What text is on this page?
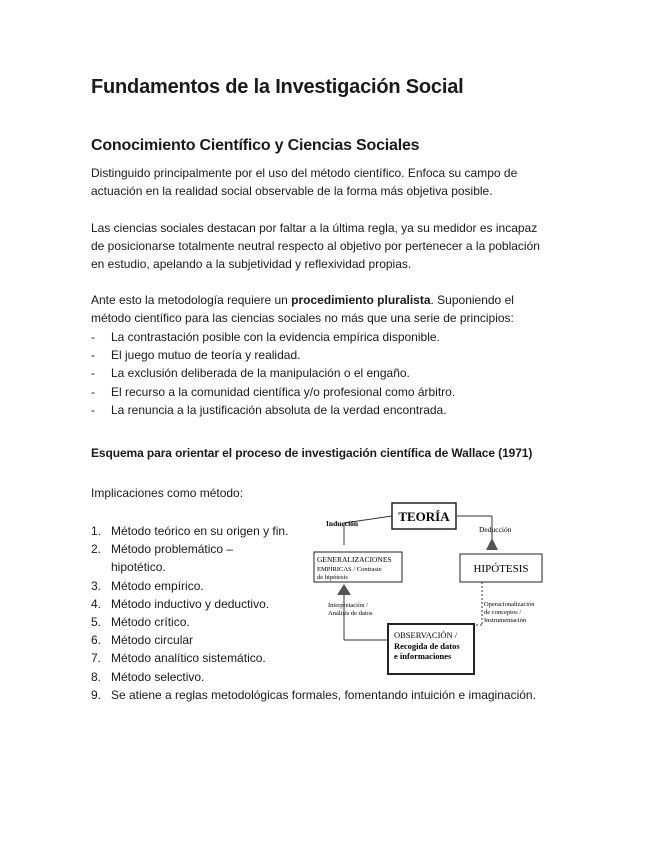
Fundamentos de la Investigación Social
Conocimiento Científico y Ciencias Sociales

Distinguido principalmente por el uso del método científico. Enfoca su campo de

actuación en la realidad social observable de la forma más objetiva posible.

Las ciencias sociales destacan por faltar a la última regla, ya su medidor es incapaz

de posicionarse totalmente neutral respecto al objetivo por pertenecer a la población

en estudio, apelando a la subjetividad y reflexividad propias.

Ante esto la metodología requiere un procedimiento pluralista. Suponiendo el

método científico para las ciencias sociales no más que una serie de principios:

- La contrastación posible con la evidencia empírica disponible.
- El juego mutuo de teoría y realidad.
- La exclusión deliberada de la manipulación o el engaño.
- El recurso a la comunidad científica y/o profesional como árbitro.
- La renuncia a la justificación absoluta de la verdad encontrada.
Esquema para orientar el proceso de investigación científica de Wallace (1971)
Implicaciones como método:
1. Método teórico en su origen y fin.
2. Método problemático –
hipotético.
3. Método empírico.
4. Método inductivo y deductivo.
5. Método crítico.
6. Método circular
7. Método analítico sistemático.
8. Método selectivo.
9. Se atiene a reglas metodológicas formales, fomentando intuición e imaginación.
TEORÍA
Inducción
Deducción
GENERALIZACIONES
EMPÍRICAS / Contraste
de hipótesis
HIPÓTESIS
Interpretación /
Análisis de datos
Operacionalización
de conceptos /
Instrumentación
OBSERVACIÓN /
Recogida de datos
e informaciones
